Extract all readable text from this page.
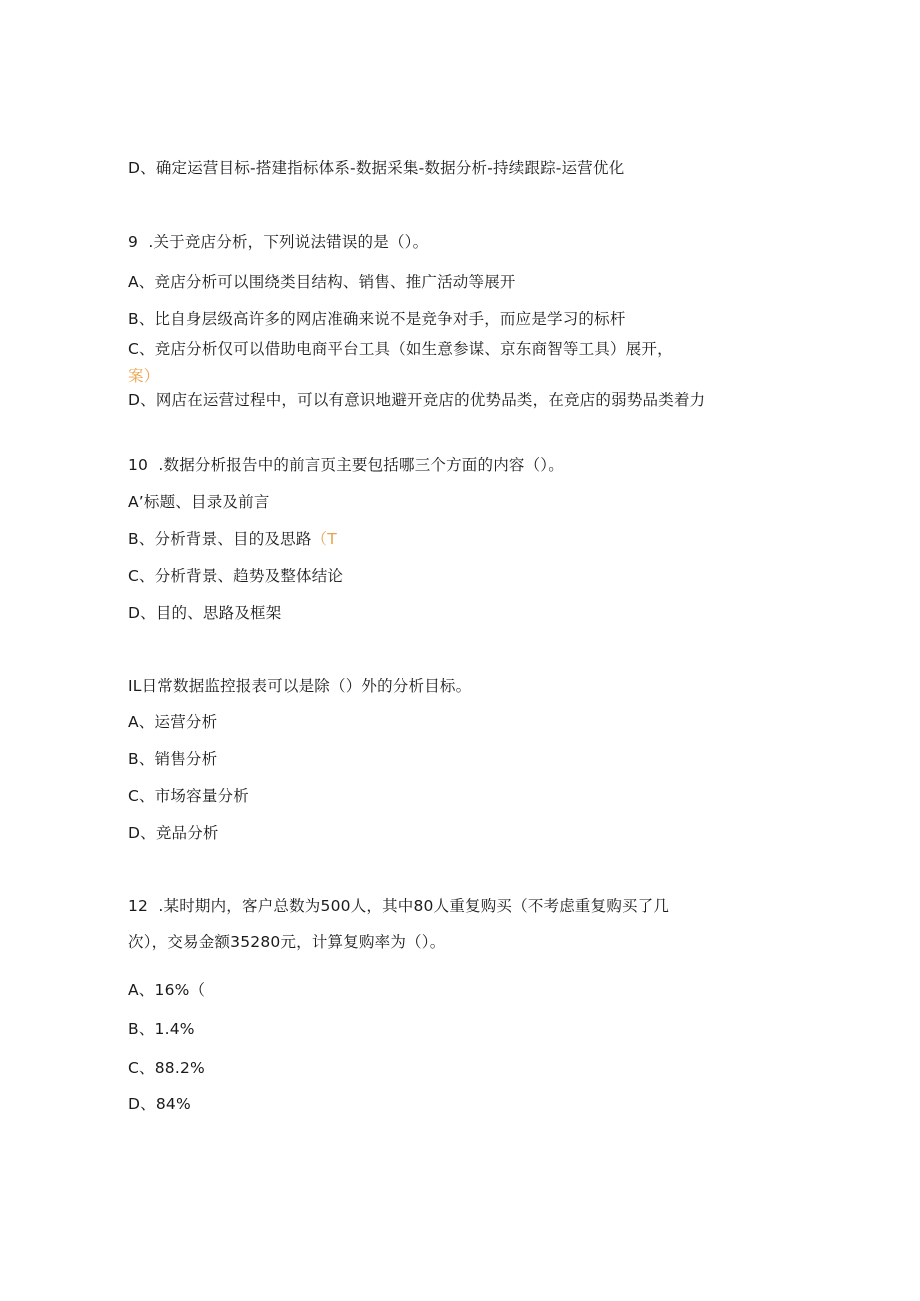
D、确定运营目标-搭建指标体系-数据采集-数据分析-持续跟踪-运营优化
9  .关于竞店分析，下列说法错误的是（）。
A、竞店分析可以围绕类目结构、销售、推广活动等展开
B、比自身层级高许多的网店准确来说不是竞争对手，而应是学习的标杆
C、竞店分析仅可以借助电商平台工具（如生意参谋、京东商智等工具）展开，
案）
D、网店在运营过程中，可以有意识地避开竞店的优势品类，在竞店的弱势品类着力
10  .数据分析报告中的前言页主要包括哪三个方面的内容（）。
A’标题、目录及前言
B、分析背景、目的及思路（T
C、分析背景、趋势及整体结论
D、目的、思路及框架
IL日常数据监控报表可以是除（）外的分析目标。
A、运营分析
B、销售分析
C、市场容量分析
D、竞品分析
12  .某时期内，客户总数为500人，其中80人重复购买（不考虑重复购买了几
次），交易金额35280元，计算复购率为（）。
A、16%（
B、1.4%
C、88.2%
D、84%
